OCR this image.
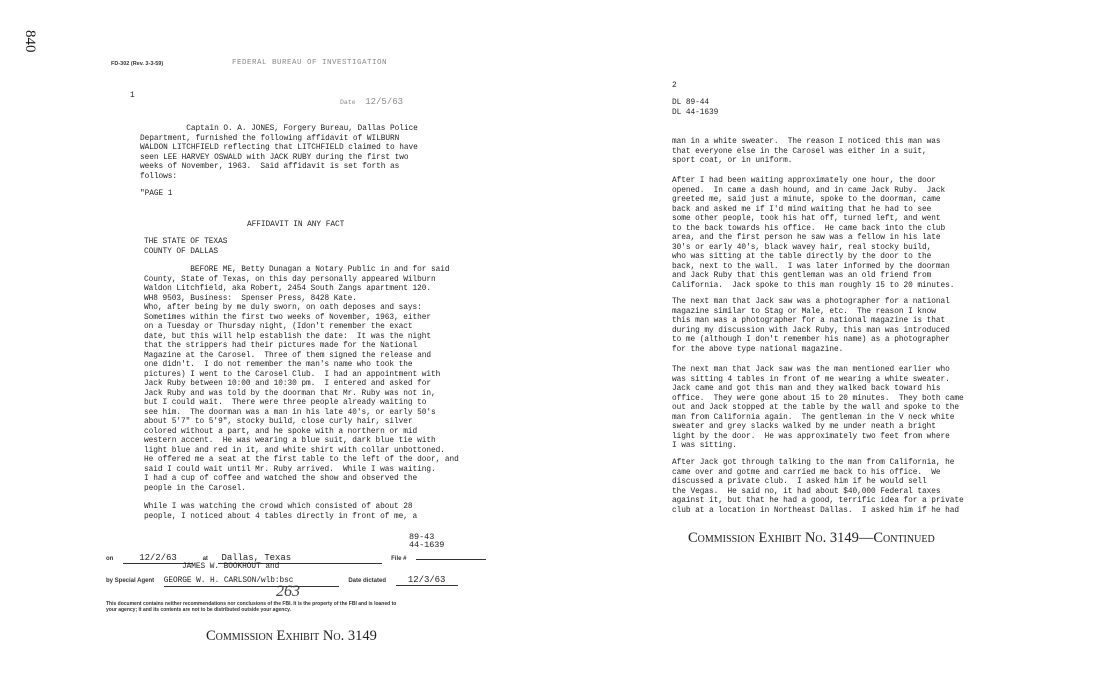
840
FD-302 (Rev. 3-3-59)	FEDERAL BUREAU OF INVESTIGATION
1
Date 12/5/63
Captain O. A. JONES, Forgery Bureau, Dallas Police
Department, furnished the following affidavit of WILBURN
WALDON LITCHFIELD reflecting that LITCHFIELD claimed to have
seen LEE HARVEY OSWALD with JACK RUBY during the first two
weeks of November, 1963.  Said affidavit is set forth as
follows:
"PAGE 1
AFFIDAVIT IN ANY FACT
THE STATE OF TEXAS
COUNTY OF DALLAS
BEFORE ME, Betty Dunagan a Notary Public in and for said
County, State of Texas, on this day personally appeared Wilburn
Waldon Litchfield, aka Robert, 2454 South Zangs apartment 120.
WH8 9503, Business:  Spenser Press, 8428 Kate.
Who, after being by me duly sworn, on oath deposes and says:
Sometimes within the first two weeks of November, 1963, either
on a Tuesday or Thursday night, (Idon't remember the exact
date, but this will help establish the date:  It was the night
that the strippers had their pictures made for the National
Magazine at the Carosel.  Three of them signed the release and
one didn't.  I do not remember the man's name who took the
pictures) I went to the Carosel Club.  I had an appointment with
Jack Ruby between 10:00 and 10:30 pm.  I entered and asked for
Jack Ruby and was told by the doorman that Mr. Ruby was not in,
but I could wait.  There were three people already waiting to
see him.  The doorman was a man in his late 40's, or early 50's
about 5'7" to 5'9", stocky build, close curly hair, silver
colored without a part, and he spoke with a northern or mid
western accent.  He was wearing a blue suit, dark blue tie with
light blue and red in it, and white shirt with collar unbottoned.
He offered me a seat at the first table to the left of the door, and
said I could wait until Mr. Ruby arrived.  While I was waiting.
I had a cup of coffee and watched the show and observed the
people in the Carosel.
While I was watching the crowd which consisted of about 28
people, I noticed about 4 tables directly in front of me, a
89-43
44-1639
on	12/2/63	at Dallas, Texas	File #
JAMES W. BOOKHOUT and
by Special Agent GEORGE W. H. CARLSON/wlb:bsc	Date dictated 12/3/63
263
This document contains neither recommendations nor conclusions of the FBI. It is the property of the FBI and is loaned to
your agency; it and its contents are not to be distributed outside your agency.
Commission Exhibit No. 3149
2
DL 89-44
DL 44-1639
man in a white sweater.  The reason I noticed this man was
that everyone else in the Carosel was either in a suit,
sport coat, or in uniform.
After I had been waiting approximately one hour, the door
opened.  In came a dash hound, and in came Jack Ruby.  Jack
greeted me, said just a minute, spoke to the doorman, came
back and asked me if I'd mind waiting that he had to see
some other people, took his hat off, turned left, and went
to the back towards his office.  He came back into the club
area, and the first person he saw was a fellow in his late
30's or early 40's, black wavey hair, real stocky build,
who was sitting at the table directly by the door to the
back, next to the wall.  I was later informed by the doorman
and Jack Ruby that this gentleman was an old friend from
California.  Jack spoke to this man roughly 15 to 20 minutes.
The next man that Jack saw was a photographer for a national
magazine similar to Stag or Male, etc.  The reason I know
this man was a photographer for a national magazine is that
during my discussion with Jack Ruby, this man was introduced
to me (although I don't remember his name) as a photographer
for the above type national magazine.
The next man that Jack saw was the man mentioned earlier who
was sitting 4 tables in front of me wearing a white sweater.
Jack came and got this man and they walked back toward his
office.  They were gone about 15 to 20 minutes.  They both came
out and Jack stopped at the table by the wall and spoke to the
man from California again.  The gentleman in the V neck white
sweater and grey slacks walked by me under neath a bright
light by the door.  He was approximately two feet from where
I was sitting.
After Jack got through talking to the man from California, he
came over and gotme and carried me back to his office.  We
discussed a private club.  I asked him if he would sell
the Vegas.  He said no, it had about $40,000 Federal taxes
against it, but that he had a good, terrific idea for a private
club at a location in Northeast Dallas.  I asked him if he had
Commission Exhibit No. 3149—Continued
